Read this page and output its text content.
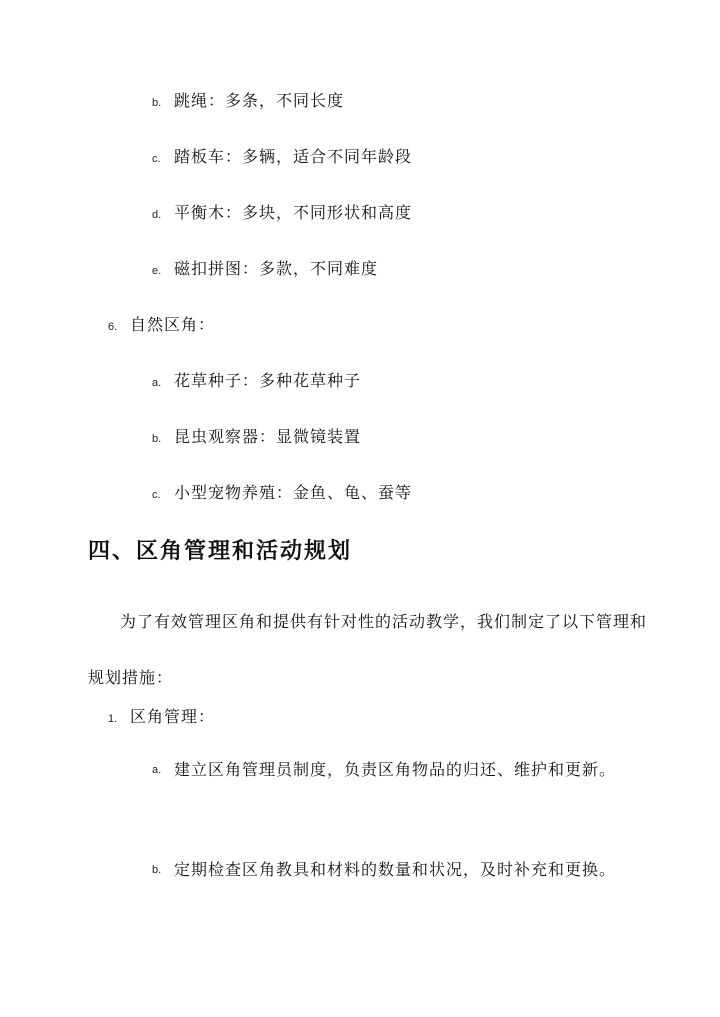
b. 跳绳：多条，不同长度
c. 踏板车：多辆，适合不同年龄段
d. 平衡木：多块，不同形状和高度
e. 磁扣拼图：多款，不同难度
6. 自然区角：
a. 花草种子：多种花草种子
b. 昆虫观察器：显微镜装置
c. 小型宠物养殖：金鱼、龟、蚕等
四、区角管理和活动规划

为了有效管理区角和提供有针对性的活动教学，我们制定了以下管理和规划措施：

1. 区角管理：
a. 建立区角管理员制度，负责区角物品的归还、维护和更新。
b. 定期检查区角教具和材料的数量和状况，及时补充和更换。
